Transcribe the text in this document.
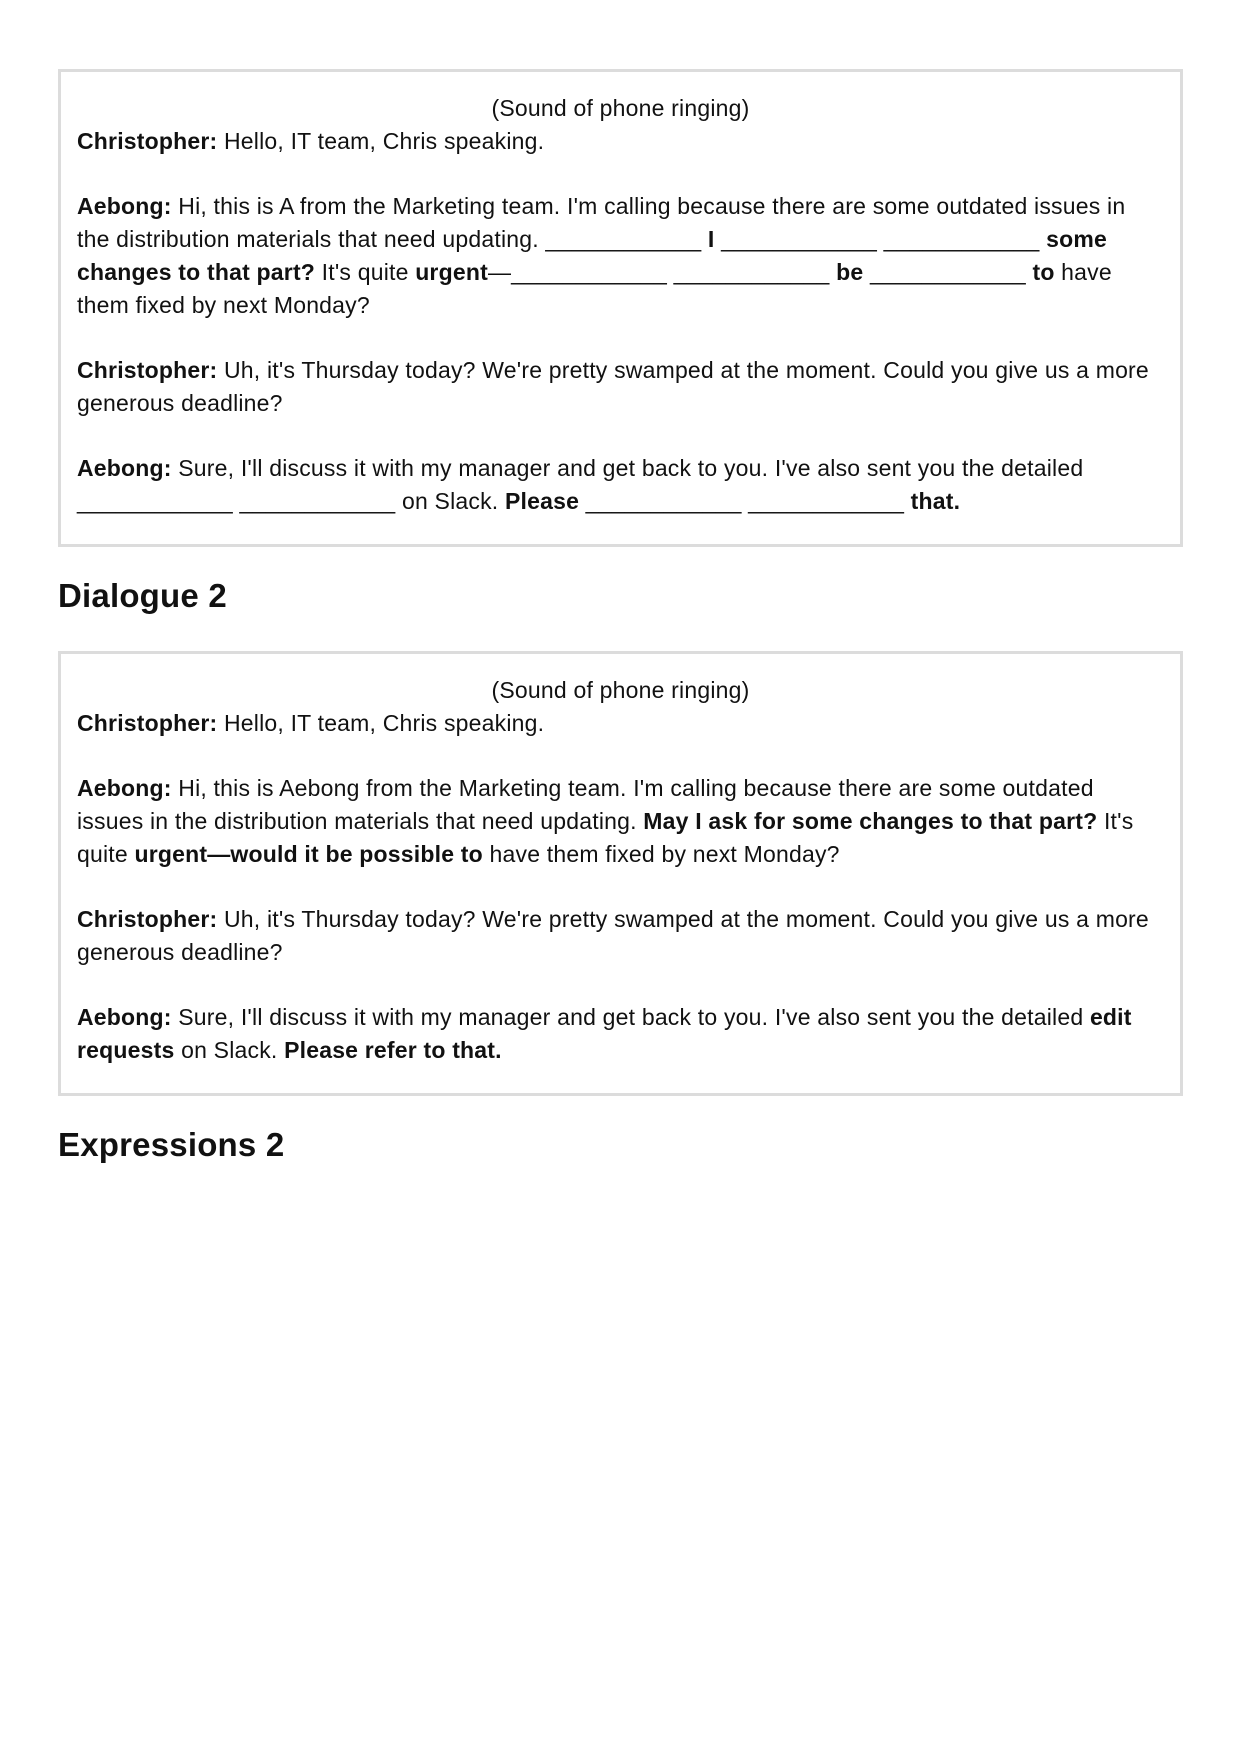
(Sound of phone ringing)

Christopher: Hello, IT team, Chris speaking.

Aebong: Hi, this is A from the Marketing team. I'm calling because there are some outdated issues in the distribution materials that need updating. ____________ I ____________ ____________ some changes to that part? It's quite urgent—____________ ____________ be ____________ to have them fixed by next Monday?

Christopher: Uh, it's Thursday today? We're pretty swamped at the moment. Could you give us a more generous deadline?

Aebong: Sure, I'll discuss it with my manager and get back to you. I've also sent you the detailed ____________ ____________ on Slack. Please ____________ ____________ that.

Dialogue 2

(Sound of phone ringing)

Christopher: Hello, IT team, Chris speaking.

Aebong: Hi, this is Aebong from the Marketing team. I'm calling because there are some outdated issues in the distribution materials that need updating. May I ask for some changes to that part? It's quite urgent—would it be possible to have them fixed by next Monday?

Christopher: Uh, it's Thursday today? We're pretty swamped at the moment. Could you give us a more generous deadline?

Aebong: Sure, I'll discuss it with my manager and get back to you. I've also sent you the detailed edit requests on Slack. Please refer to that.

Expressions 2
